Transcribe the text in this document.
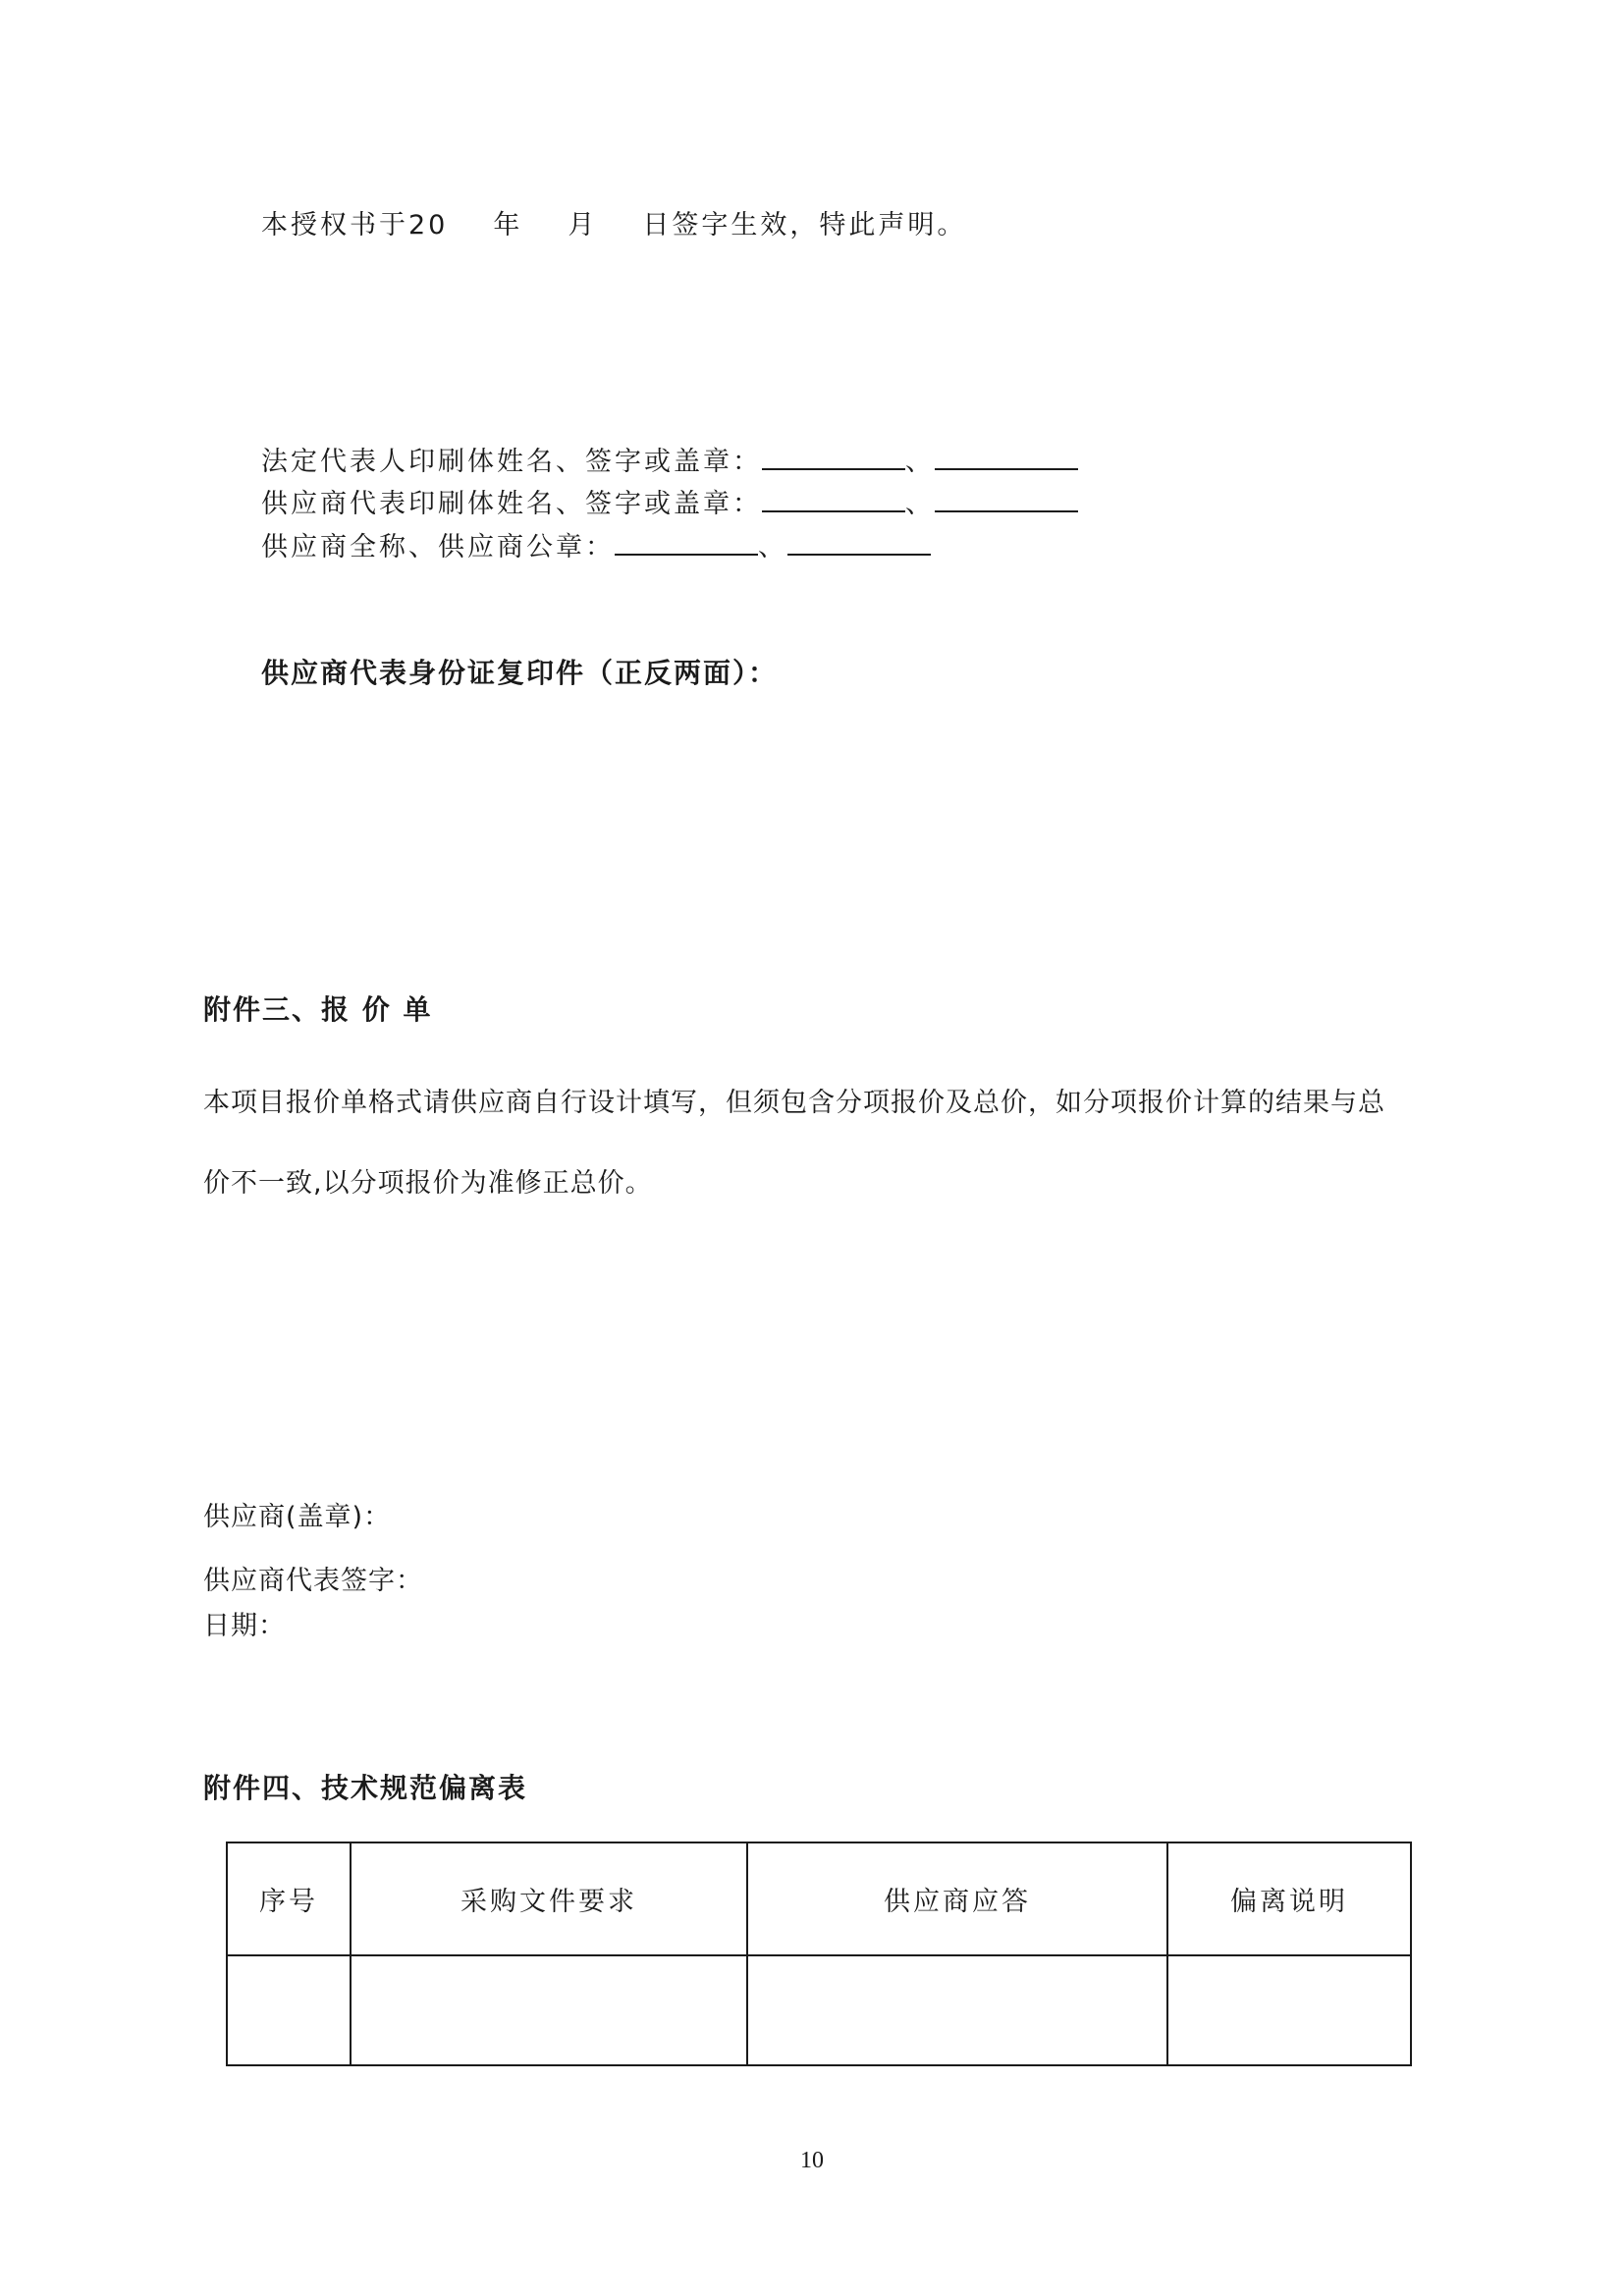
本授权书于20 年 月 日签字生效，特此声明。
法定代表人印刷体姓名、签字或盖章：	、
供应商代表印刷体姓名、签字或盖章：	、
供应商全称、供应商公章：	、
供应商代表身份证复印件（正反两面）：
附件三、报 价 单
本项目报价单格式请供应商自行设计填写，但须包含分项报价及总价，如分项报价计算的结果与总
价不一致,以分项报价为准修正总价。
供应商(盖章)：
供应商代表签字：
日期：
附件四、技术规范偏离表
序号	采购文件要求	供应商应答	偏离说明

10
